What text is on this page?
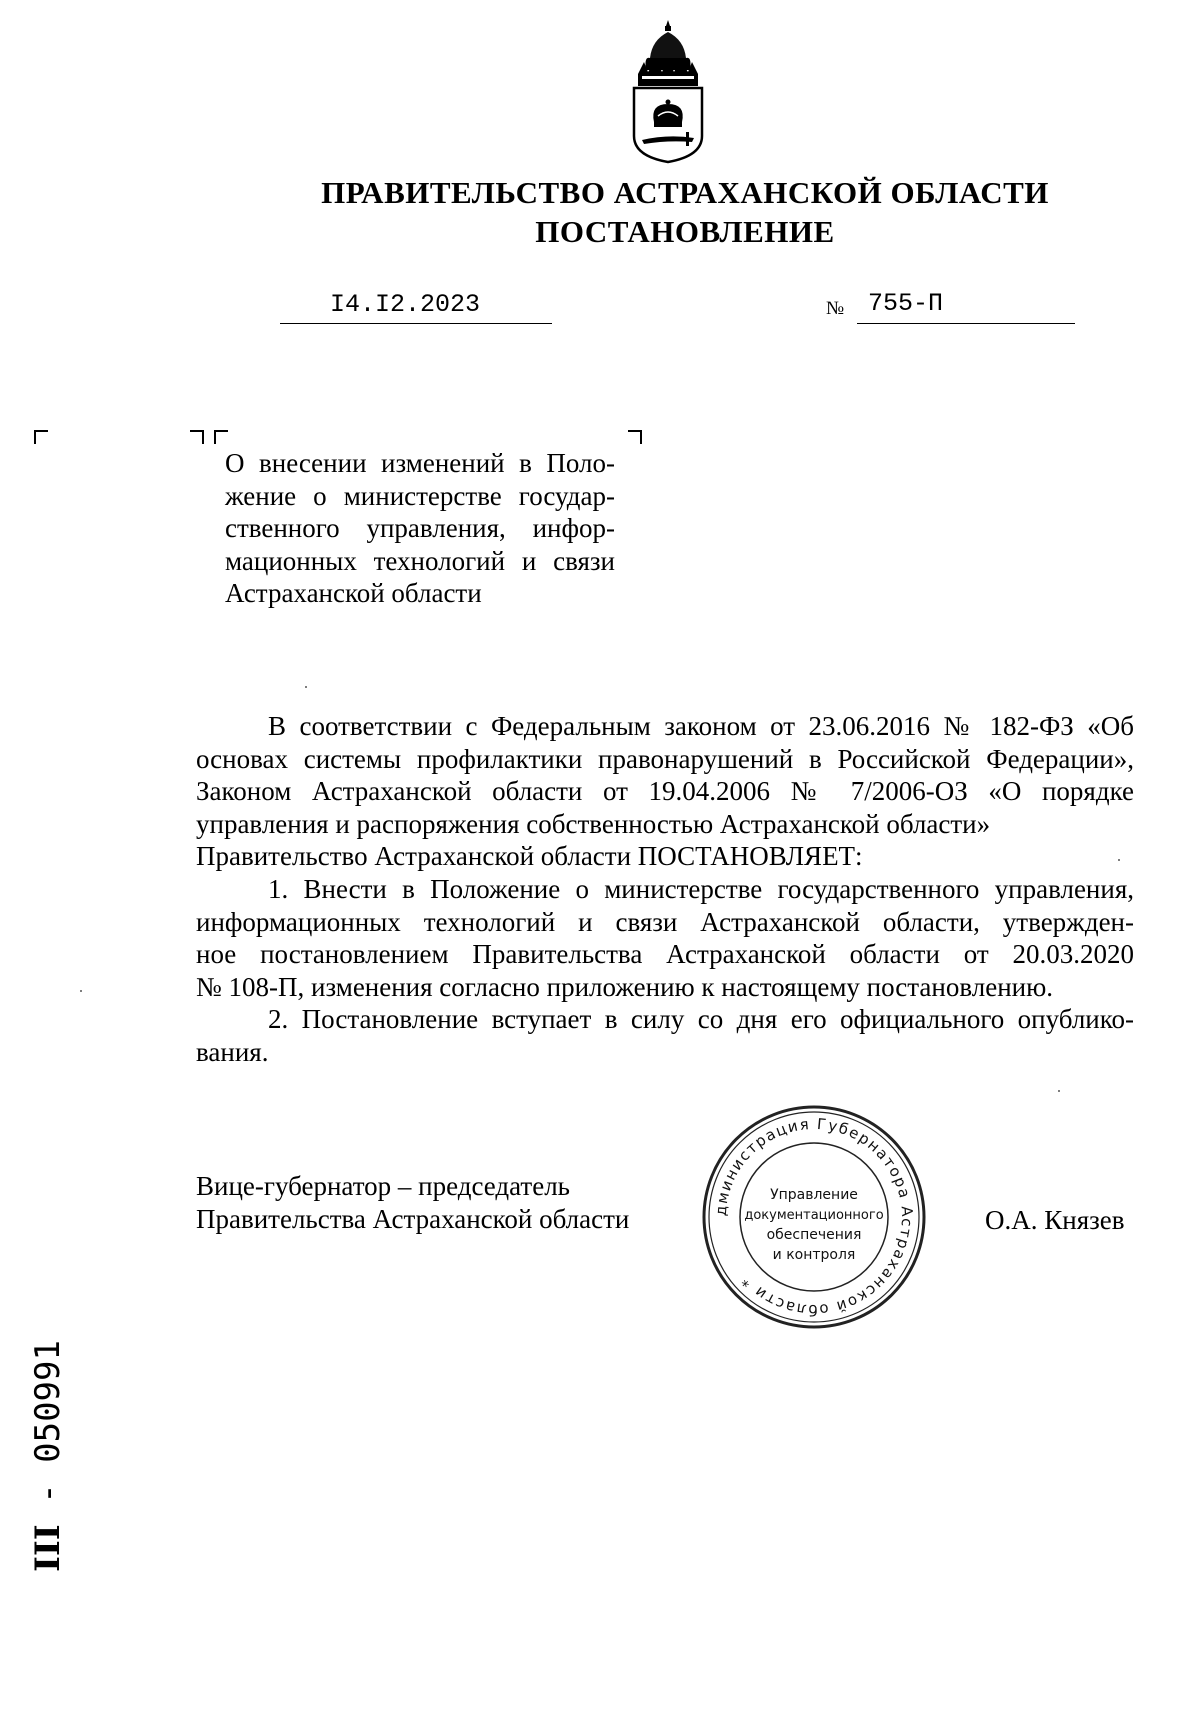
ПРАВИТЕЛЬСТВО АСТРАХАНСКОЙ ОБЛАСТИ
ПОСТАНОВЛЕНИЕ
I4.I2.2023	№ 755-П
О внесении изменений в Поло-
жение о министерстве государ-
ственного управления, инфор-
мационных технологий и связи
Астраханской области
В соответствии с Федеральным законом от 23.06.2016 № 182-ФЗ «Об
основах системы профилактики правонарушений в Российской Федерации»,
Законом Астраханской области от 19.04.2006 № 7/2006-ОЗ «О порядке
управления и распоряжения собственностью Астраханской области»
Правительство Астраханской области ПОСТАНОВЛЯЕТ:
1. Внести в Положение о министерстве государственного управления,
информационных технологий и связи Астраханской области, утвержден-
ное постановлением Правительства Астраханской области от 20.03.2020
№ 108-П, изменения согласно приложению к настоящему постановлению.
2. Постановление вступает в силу со дня его официального опублико-
вания.
Вице-губернатор – председатель
Правительства Астраханской области	О.А. Князев
дминистрация Губернатора Астраханской области *
Управление
документационного
обеспечения
и контроля
III - 050991
